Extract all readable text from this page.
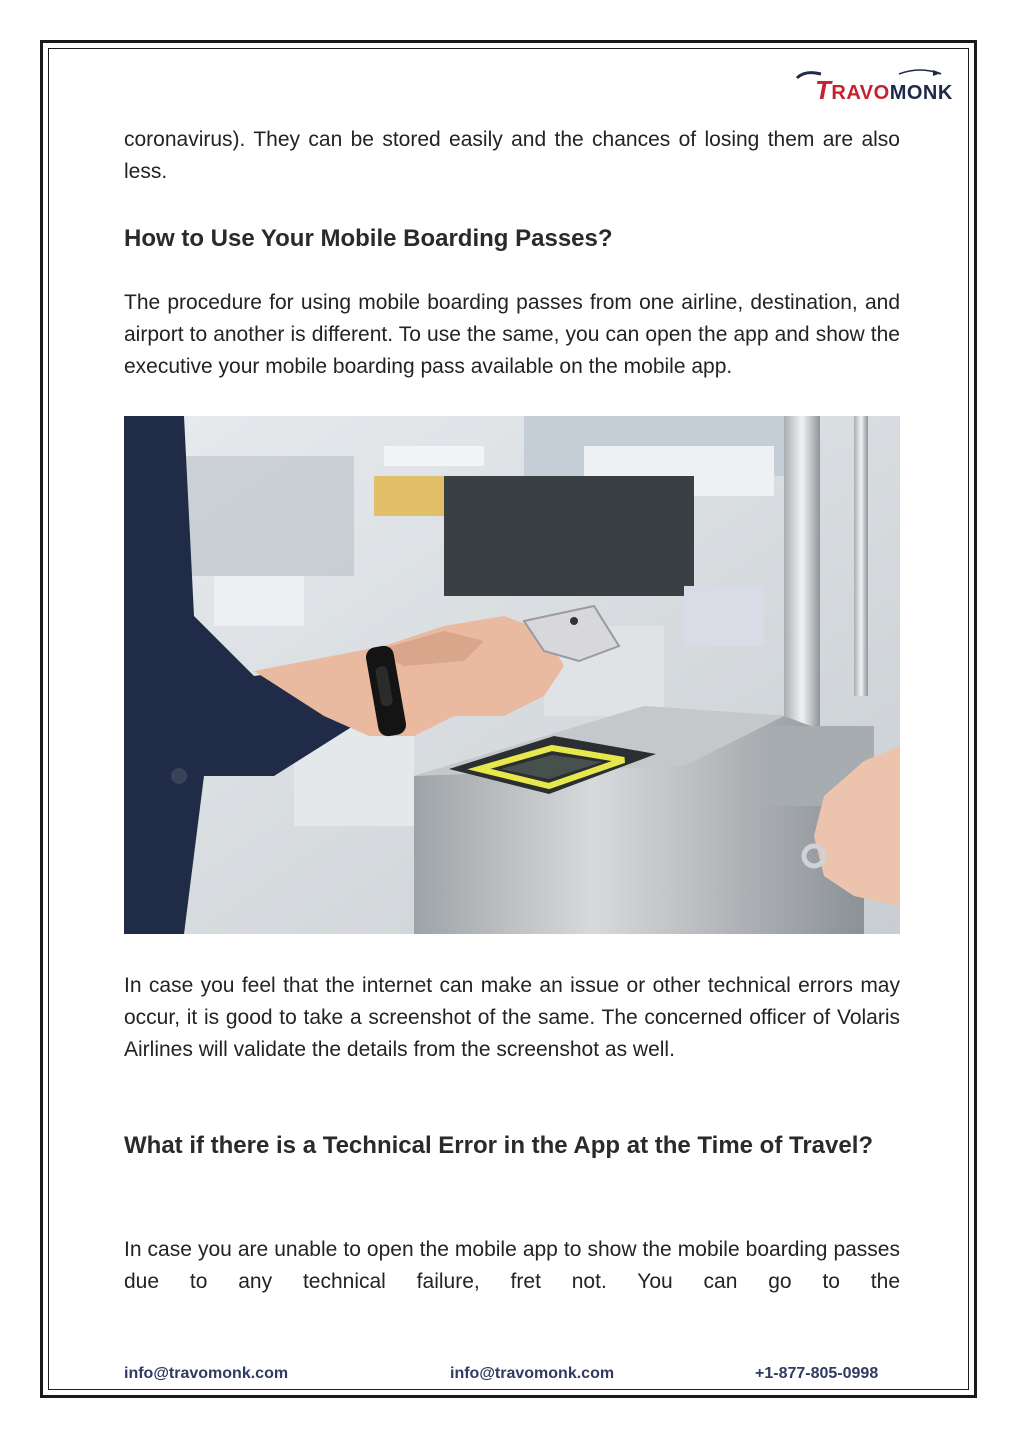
TRAVOMONK

coronavirus). They can be stored easily and the chances of losing them are also less.

How to Use Your Mobile Boarding Passes?

The procedure for using mobile boarding passes from one airline, destination, and airport to another is different. To use the same, you can open the app and show the executive your mobile boarding pass available on the mobile app.

In case you feel that the internet can make an issue or other technical errors may occur, it is good to take a screenshot of the same. The concerned officer of Volaris Airlines will validate the details from the screenshot as well.

What if there is a Technical Error in the App at the Time of Travel?

In case you are unable to open the mobile app to show the mobile boarding passes due to any technical failure, fret not. You can go to the

info@travomonk.com	info@travomonk.com	+1-877-805-0998
